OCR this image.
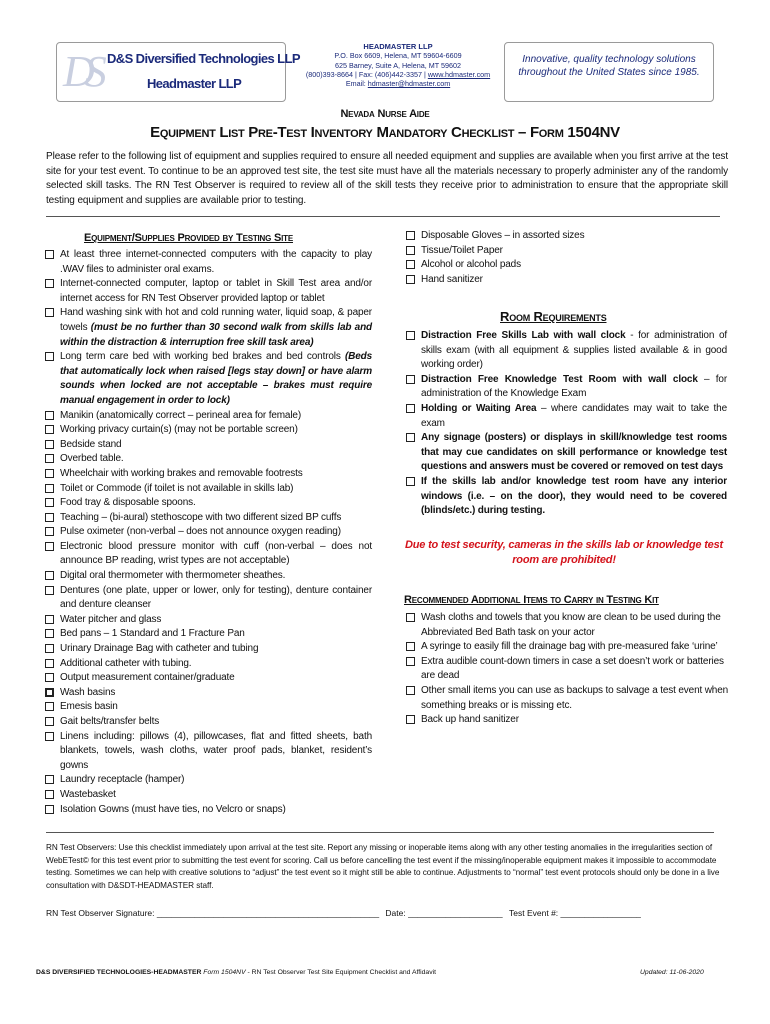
DS D&S Diversified Technologies LLP
Headmaster LLP
HEADMASTER LLP
P.O. Box 6609, Helena, MT 59604-6609
625 Barney, Suite A, Helena, MT 59602
(800)393-8664 | Fax: (406)442-3357 | www.hdmaster.com
Email: hdmaster@hdmaster.com
Innovative, quality technology solutions
throughout the United States since 1985.
Nevada Nurse Aide
Equipment List Pre-Test Inventory Mandatory Checklist – Form 1504NV
Please refer to the following list of equipment and supplies required to ensure all needed equipment and supplies are available when you first arrive at the test site for your test event. To continue to be an approved test site, the test site must have all the materials necessary to properly administer any of the randomly selected skill tasks. The RN Test Observer is required to review all of the skill tests they receive prior to administration to ensure that the appropriate skill testing equipment and supplies are available prior to testing.
Equipment/Supplies Provided by Testing Site
At least three internet-connected computers with the capacity to play .WAV files to administer oral exams.
Internet-connected computer, laptop or tablet in Skill Test area and/or internet access for RN Test Observer provided laptop or tablet
Hand washing sink with hot and cold running water, liquid soap, & paper towels (must be no further than 30 second walk from skills lab and within the distraction & interruption free skill task area)
Long term care bed with working bed brakes and bed controls (Beds that automatically lock when raised [legs stay down] or have alarm sounds when locked are not acceptable – brakes must require manual engagement in order to lock)
Manikin (anatomically correct – perineal area for female)
Working privacy curtain(s) (may not be portable screen)
Bedside stand
Overbed table.
Wheelchair with working brakes and removable footrests
Toilet or Commode (if toilet is not available in skills lab)
Food tray & disposable spoons.
Teaching – (bi-aural) stethoscope with two different sized BP cuffs
Pulse oximeter (non-verbal – does not announce oxygen reading)
Electronic blood pressure monitor with cuff (non-verbal – does not announce BP reading, wrist types are not acceptable)
Digital oral thermometer with thermometer sheathes.
Dentures (one plate, upper or lower, only for testing), denture container and denture cleanser
Water pitcher and glass
Bed pans – 1 Standard and 1 Fracture Pan
Urinary Drainage Bag with catheter and tubing
Additional catheter with tubing.
Output measurement container/graduate
Wash basins
Emesis basin
Gait belts/transfer belts
Linens including: pillows (4), pillowcases, flat and fitted sheets, bath blankets, towels, wash cloths, water proof pads, blanket, resident’s gowns
Laundry receptacle (hamper)
Wastebasket
Isolation Gowns (must have ties, no Velcro or snaps)
Disposable Gloves – in assorted sizes
Tissue/Toilet Paper
Alcohol or alcohol pads
Hand sanitizer
Room Requirements
Distraction Free Skills Lab with wall clock - for administration of skills exam (with all equipment & supplies listed available & in good working order)
Distraction Free Knowledge Test Room with wall clock – for administration of the Knowledge Exam
Holding or Waiting Area – where candidates may wait to take the exam
Any signage (posters) or displays in skill/knowledge test rooms that may cue candidates on skill performance or knowledge test questions and answers must be covered or removed on test days
If the skills lab and/or knowledge test room have any interior windows (i.e. – on the door), they would need to be covered (blinds/etc.) during testing.
Due to test security, cameras in the skills lab or knowledge test room are prohibited!
Recommended Additional Items to Carry in Testing Kit
Wash cloths and towels that you know are clean to be used during the Abbreviated Bed Bath task on your actor
A syringe to easily fill the drainage bag with pre-measured fake ‘urine’
Extra audible count-down timers in case a set doesn’t work or batteries are dead
Other small items you can use as backups to salvage a test event when something breaks or is missing etc.
Back up hand sanitizer
RN Test Observers: Use this checklist immediately upon arrival at the test site. Report any missing or inoperable items along with any other testing anomalies in the irregularities section of WebETest© for this test event prior to submitting the test event for scoring. Call us before cancelling the test event if the missing/inoperable equipment makes it impossible to accommodate testing. Sometimes we can help with creative solutions to “adjust” the test event so it might still be able to continue. Adjustments to “normal” test event protocols should only be done in a live consultation with D&SDT-HEADMASTER staff.
RN Test Observer Signature: _______________________________________________ Date: ____________________ Test Event #: _________________
D&S DIVERSIFIED TECHNOLOGIES-HEADMASTER Form 1504NV - RN Test Observer Test Site Equipment Checklist and Affidavit	Updated: 11-06-2020
